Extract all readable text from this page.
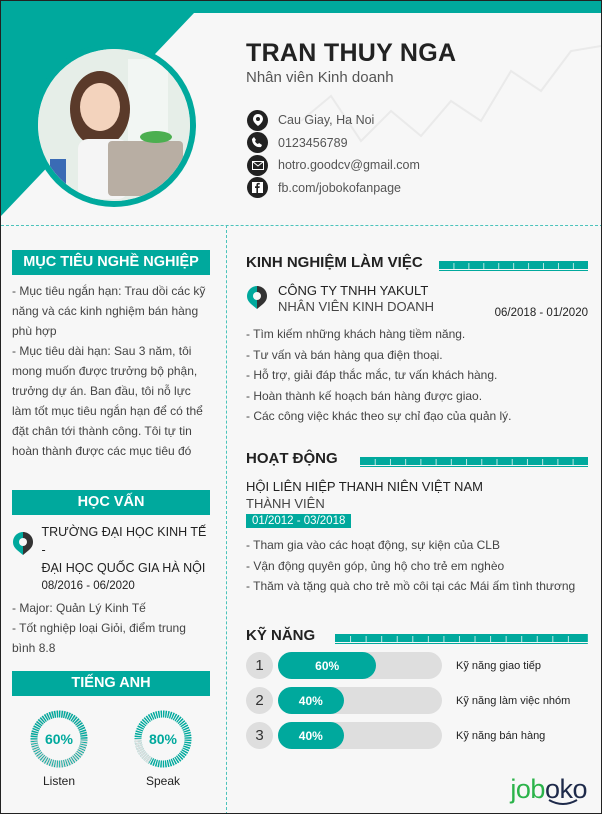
TRAN THUY NGA
Nhân viên Kinh doanh
Cau Giay, Ha Noi
0123456789
hotro.goodcv@gmail.com
fb.com/jobokofanpage
MỤC TIÊU NGHỀ NGHIỆP
- Mục tiêu ngắn hạn: Trau dồi các kỹ năng và các kinh nghiệm bán hàng phù hợp
- Mục tiêu dài hạn: Sau 3 năm, tôi mong muốn được trưởng bộ phận, trưởng dự án. Ban đầu, tôi nỗ lực làm tốt mục tiêu ngắn hạn để có thể đặt chân tới thành công. Tôi tự tin hoàn thành được các mục tiêu đó
HỌC VẤN
TRƯỜNG ĐẠI HỌC KINH TẾ -
ĐẠI HỌC QUỐC GIA HÀ NỘI
08/2016 - 06/2020
- Major: Quản Lý Kinh Tế
- Tốt nghiệp loại Giỏi, điểm trung bình 8.8
TIẾNG ANH
60%
Listen
80%
Speak
KINH NGHIỆM LÀM VIỆC
CÔNG TY TNHH YAKULT
NHÂN VIÊN KINH DOANH	06/2018 - 01/2020
- Tìm kiếm những khách hàng tiềm năng.
- Tư vấn và bán hàng qua điện thoại.
- Hỗ trợ, giải đáp thắc mắc, tư vấn khách hàng.
- Hoàn thành kế hoạch bán hàng được giao.
- Các công việc khác theo sự chỉ đạo của quản lý.
HOẠT ĐỘNG
HỘI LIÊN HIỆP THANH NIÊN VIỆT NAM
THÀNH VIÊN
01/2012 - 03/2018
- Tham gia vào các hoạt động, sự kiện của CLB
- Vận động quyên góp, ủng hộ cho trẻ em nghèo
- Thăm và tặng quà cho trẻ mồ côi tại các Mái ấm tình thương
KỸ NĂNG
1	60%	Kỹ năng giao tiếp
2	40%	Kỹ năng làm việc nhóm
3	40%	Kỹ năng bán hàng
joboko
